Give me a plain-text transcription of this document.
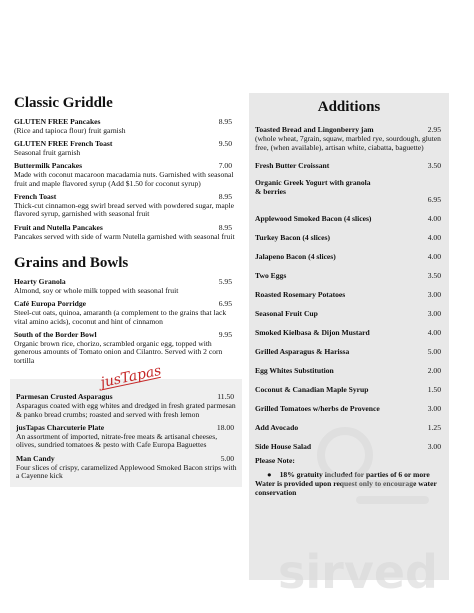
Classic Griddle
GLUTEN FREE Pancakes	8.95
(Rice and tapioca flour) fruit garnish
GLUTEN FREE French Toast	9.50
Seasonal fruit garnish
Buttermilk Pancakes	7.00
Made with coconut macaroon macadamia nuts. Garnished with seasonal fruit and maple flavored syrup (Add $1.50 for coconut syrup)
French Toast	8.95
Thick-cut cinnamon-egg swirl bread served with powdered sugar, maple flavored syrup, garnished with seasonal fruit
Fruit and Nutella Pancakes	8.95
Pancakes served with side of warm Nutella garnished with seasonal fruit
Grains and Bowls
Hearty Granola	5.95
Almond, soy or whole milk topped with seasonal fruit
Café Europa Porridge	6.95
Steel-cut oats, quinoa, amaranth (a complement to the grains that lack vital amino acids), coconut and hint of cinnamon
South of the Border Bowl	9.95
Organic brown rice, chorizo, scrambled organic egg, topped with generous amounts of Tomato onion and Cilantro. Served with 2 corn tortilla
jusTapas
Parmesan Crusted Asparagus	11.50
Asparagus coated with egg whites and dredged in fresh grated parmesan & panko bread crumbs; roasted and served with fresh lemon
jusTapas Charcuterie Plate	18.00
An assortment of imported, nitrate-free meats & artisanal cheeses, olives, sundried tomatoes & pesto with Cafe Europa Baguettes
Man Candy	5.00
Four slices of crispy, caramelized Applewood Smoked Bacon strips with a Cayenne kick
Additions
Toasted Bread and Lingonberry jam	2.95
(whole wheat, 7grain, squaw, marbled rye, sourdough, gluten free, (when available), artisan white, ciabatta, baguette)
Fresh Butter Croissant	3.50
Organic Greek Yogurt with granola & berries
6.95
Applewood Smoked Bacon (4 slices)	4.00
Turkey Bacon (4 slices)	4.00
Jalapeno Bacon (4 slices)	4.00
Two Eggs	3.50
Roasted Rosemary Potatoes	3.00
Seasonal Fruit Cup	3.00
Smoked Kielbasa & Dijon Mustard	4.00
Grilled Asparagus & Harissa	5.00
Egg Whites Substitution	2.00
Coconut & Canadian Maple Syrup	1.50
Grilled Tomatoes w/herbs de Provence	3.00
Add Avocado	1.25
Side House Salad	3.00
Please Note:
● 18% gratuity included for parties of 6 or more
Water is provided upon request only to encourage water conservation
sirved
